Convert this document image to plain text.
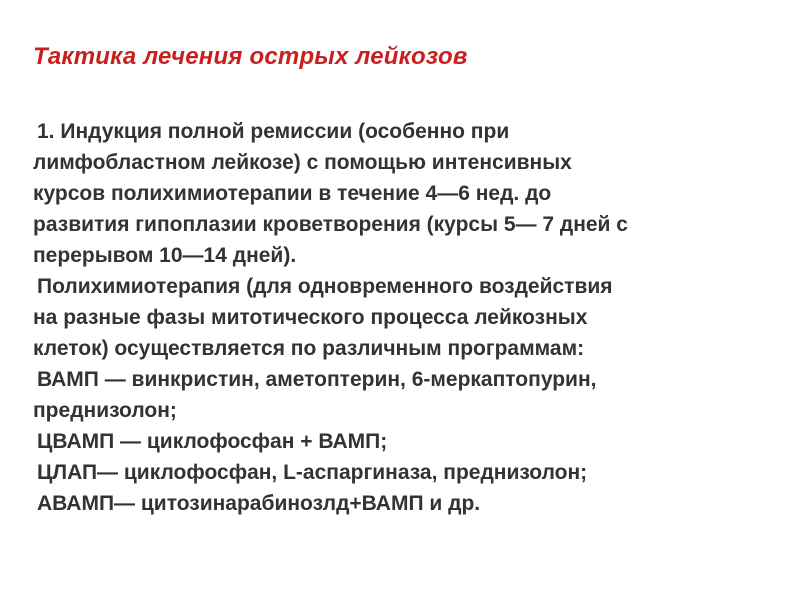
Тактика лечения острых лейкозов
1. Индукция полной ремиссии (особенно при
лимфобластном лейкозе) с помощью интенсивных
курсов полихимиотерапии в течение 4—6 нед. до
развития гипоплазии кроветворения (курсы 5— 7 дней с
перерывом 10—14 дней).
Полихимиотерапия (для одновременного воздействия
на разные фазы митотического процесса лейкозных
клеток) осуществляется по различным программам:
ВАМП — винкристин, аметоптерин, 6-меркаптопурин,
преднизолон;
ЦВАМП — циклофосфан + ВАМП;
ЦЛАП— циклофосфан, L-аспаргиназа, преднизолон;
АВАМП— цитозинарабинозлд+ВАМП и др.
